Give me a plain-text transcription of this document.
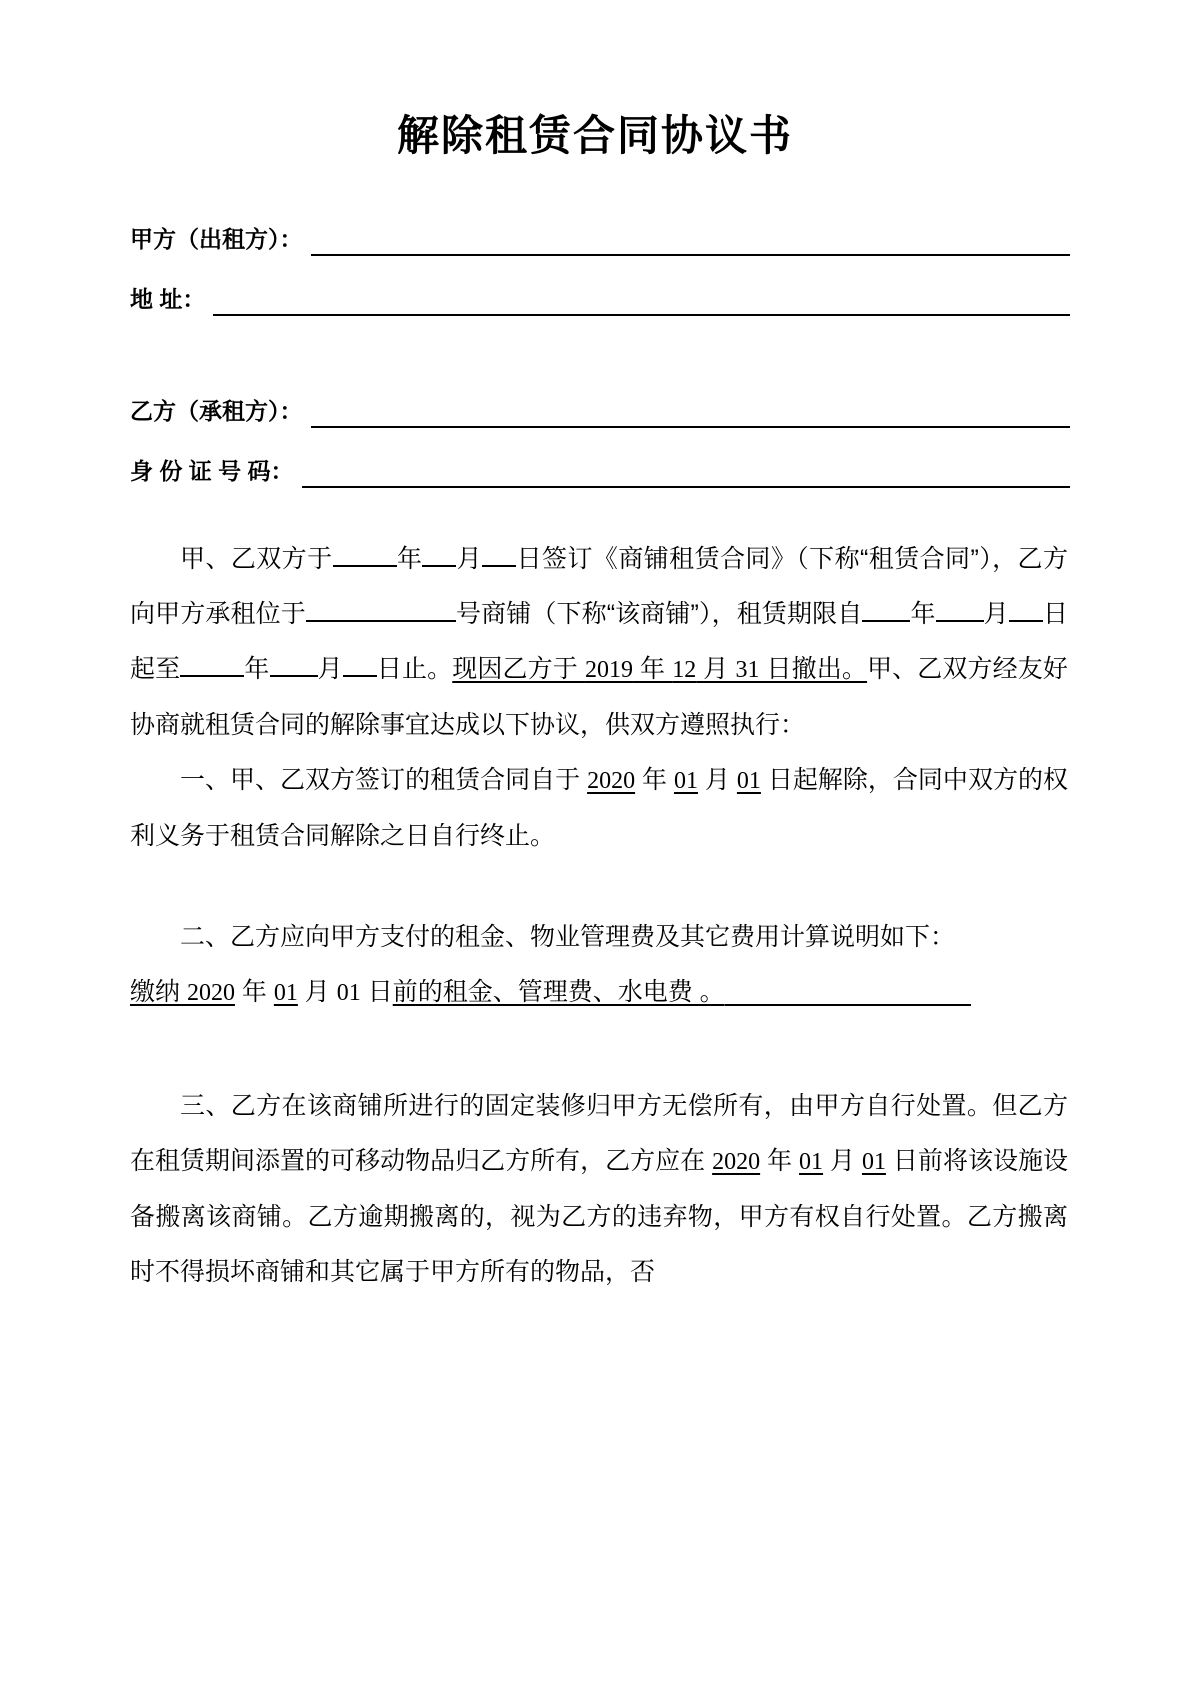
解除租赁合同协议书
甲方（出租方）：
地 址：
乙方（承租方）：
身 份 证 号 码：

甲、乙双方于	年 月 日签订《商铺租赁合同》（下称“租赁合同”），乙方向甲方承租位于	号商铺（下称“该商铺”），租赁期限自 年 月 日起至	年 月 日止。现因乙方于 2019 年 12 月 31 日撤出。甲、乙双方经友好协商就租赁合同的解除事宜达成以下协议，供双方遵照执行：

一、甲、乙双方签订的租赁合同自于 2020 年 01 月 01 日起解除，合同中双方的权利义务于租赁合同解除之日自行终止。

二、乙方应向甲方支付的租金、物业管理费及其它费用计算说明如下：

缴纳 2020 年 01 月 01 日前的租金、管理费、水电费 。

三、乙方在该商铺所进行的固定装修归甲方无偿所有，由甲方自行处置。但乙方在租赁期间添置的可移动物品归乙方所有，乙方应在 2020 年 01 月 01 日前将该设施设备搬离该商铺。乙方逾期搬离的，视为乙方的违弃物，甲方有权自行处置。乙方搬离时不得损坏商铺和其它属于甲方所有的物品，否
